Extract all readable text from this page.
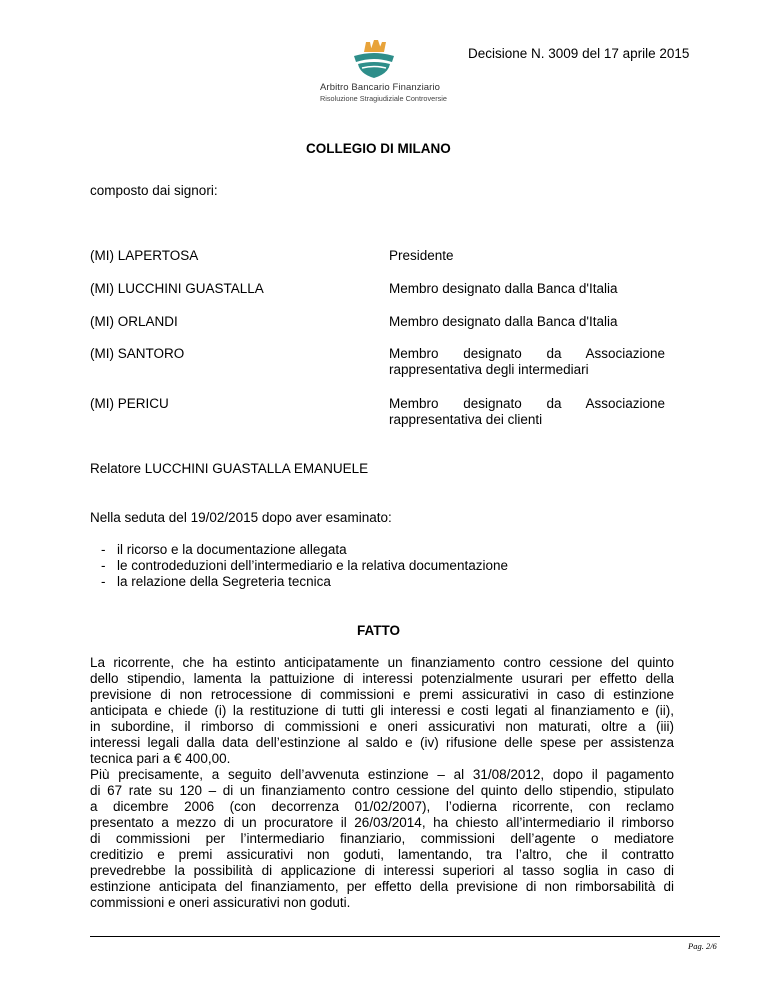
Arbitro Bancario Finanziario
Risoluzione Stragiudiziale Controversie
Decisione N. 3009 del 17 aprile 2015
COLLEGIO DI MILANO
composto dai signori:
(MI) LAPERTOSA	Presidente
(MI) LUCCHINI GUASTALLA	Membro designato dalla Banca d'Italia
(MI) ORLANDI	Membro designato dalla Banca d'Italia
(MI) SANTORO	Membro designato da Associazione
rappresentativa degli intermediari
(MI) PERICU	Membro designato da Associazione
rappresentativa dei clienti
Relatore LUCCHINI GUASTALLA EMANUELE
Nella seduta del 19/02/2015 dopo aver esaminato:
- il ricorso e la documentazione allegata
- le controdeduzioni dell’intermediario e la relativa documentazione
- la relazione della Segreteria tecnica
FATTO
La ricorrente, che ha estinto anticipatamente un finanziamento contro cessione del quinto
dello stipendio, lamenta la pattuizione di interessi potenzialmente usurari per effetto della
previsione di non retrocessione di commissioni e premi assicurativi in caso di estinzione
anticipata e chiede (i) la restituzione di tutti gli interessi e costi legati al finanziamento e (ii),
in subordine, il rimborso di commissioni e oneri assicurativi non maturati, oltre a (iii)
interessi legali dalla data dell’estinzione al saldo e (iv) rifusione delle spese per assistenza
tecnica pari a € 400,00.
Più precisamente, a seguito dell’avvenuta estinzione – al 31/08/2012, dopo il pagamento
di 67 rate su 120 – di un finanziamento contro cessione del quinto dello stipendio, stipulato
a dicembre 2006 (con decorrenza 01/02/2007), l’odierna ricorrente, con reclamo
presentato a mezzo di un procuratore il 26/03/2014, ha chiesto all’intermediario il rimborso
di commissioni per l’intermediario finanziario, commissioni dell’agente o mediatore
creditizio e premi assicurativi non goduti, lamentando, tra l’altro, che il contratto
prevedrebbe la possibilità di applicazione di interessi superiori al tasso soglia in caso di
estinzione anticipata del finanziamento, per effetto della previsione di non rimborsabilità di
commissioni e oneri assicurativi non goduti.
Pag. 2/6
